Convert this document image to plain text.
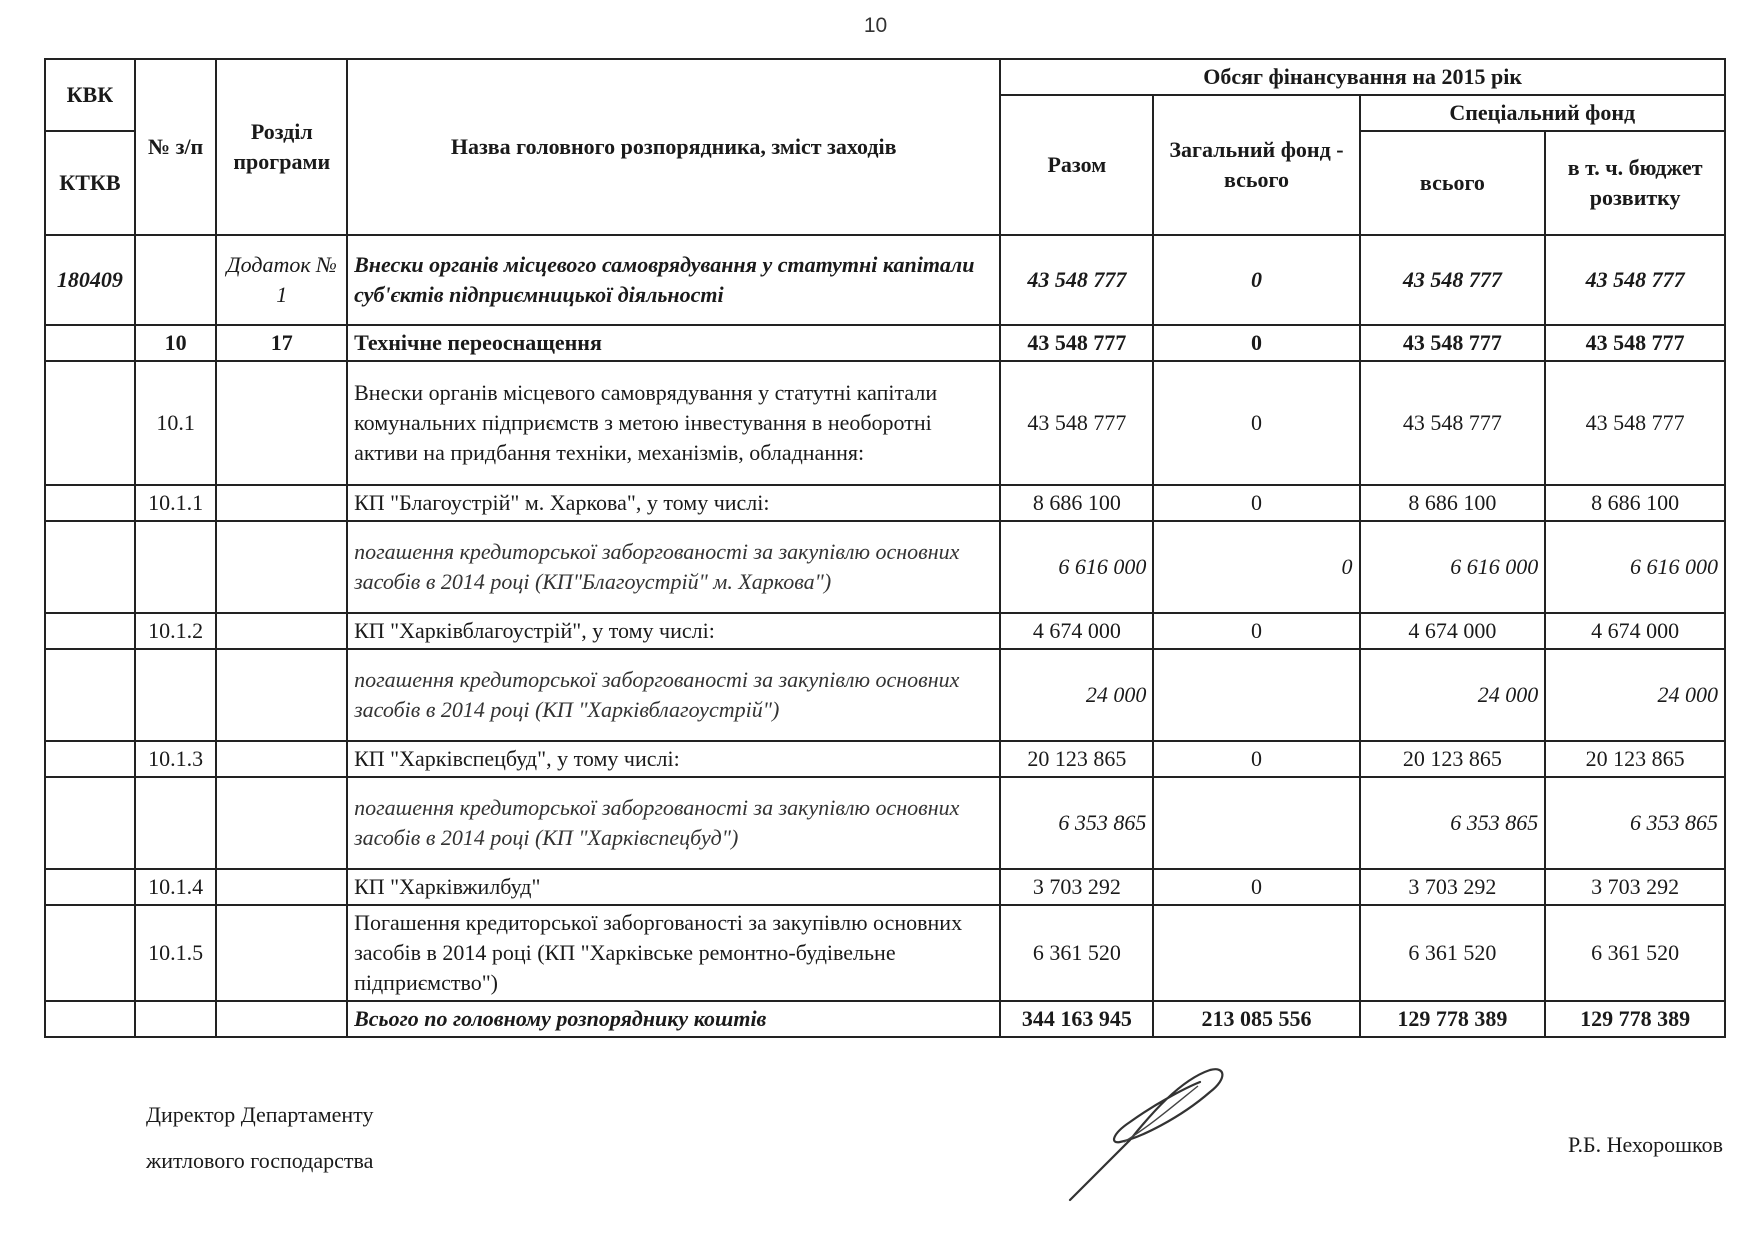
10
КВК	№ з/п	Розділ програми	Назва головного розпорядника, зміст заходів	Обсяг фінансування на 2015 рік			
				Разом	Загальний фонд - всього	Спеціальний фонд	
КТКВ						всього	в т. ч. бюджет розвитку

180409		Додаток № 1	Внески органів місцевого самоврядування у статутні капітали суб'єктів підприємницької діяльності	43 548 777	0	43 548 777	43 548 777
	10	17	Технічне переоснащення	43 548 777	0	43 548 777	43 548 777
	10.1		Внески органів місцевого самоврядування у статутні капітали комунальних підприємств з метою інвестування в необоротні активи на придбання техніки, механізмів, обладнання:	43 548 777	0	43 548 777	43 548 777
	10.1.1		КП "Благоустрій" м. Харкова", у тому числі:	8 686 100	0	8 686 100	8 686 100
			погашення кредиторської заборгованості за закупівлю основних засобів в 2014 році (КП"Благоустрій" м. Харкова")	6 616 000	0	6 616 000	6 616 000
	10.1.2		КП "Харківблагоустрій", у тому числі:	4 674 000	0	4 674 000	4 674 000
			погашення кредиторської заборгованості за закупівлю основних засобів в 2014 році (КП "Харківблагоустрій")	24 000		24 000	24 000
	10.1.3		КП "Харківспецбуд", у тому числі:	20 123 865	0	20 123 865	20 123 865
			погашення кредиторської заборгованості за закупівлю основних засобів в 2014 році (КП "Харківспецбуд")	6 353 865		6 353 865	6 353 865
	10.1.4		КП "Харківжилбуд"	3 703 292	0	3 703 292	3 703 292
	10.1.5		Погашення кредиторської заборгованості за закупівлю основних засобів в 2014 році (КП "Харківське ремонтно-будівельне підприємство")	6 361 520		6 361 520	6 361 520
			Всього по головному розпоряднику коштів	344 163 945	213 085 556	129 778 389	129 778 389
Директор Департаменту
житлового господарства
Р.Б. Нехорошков
